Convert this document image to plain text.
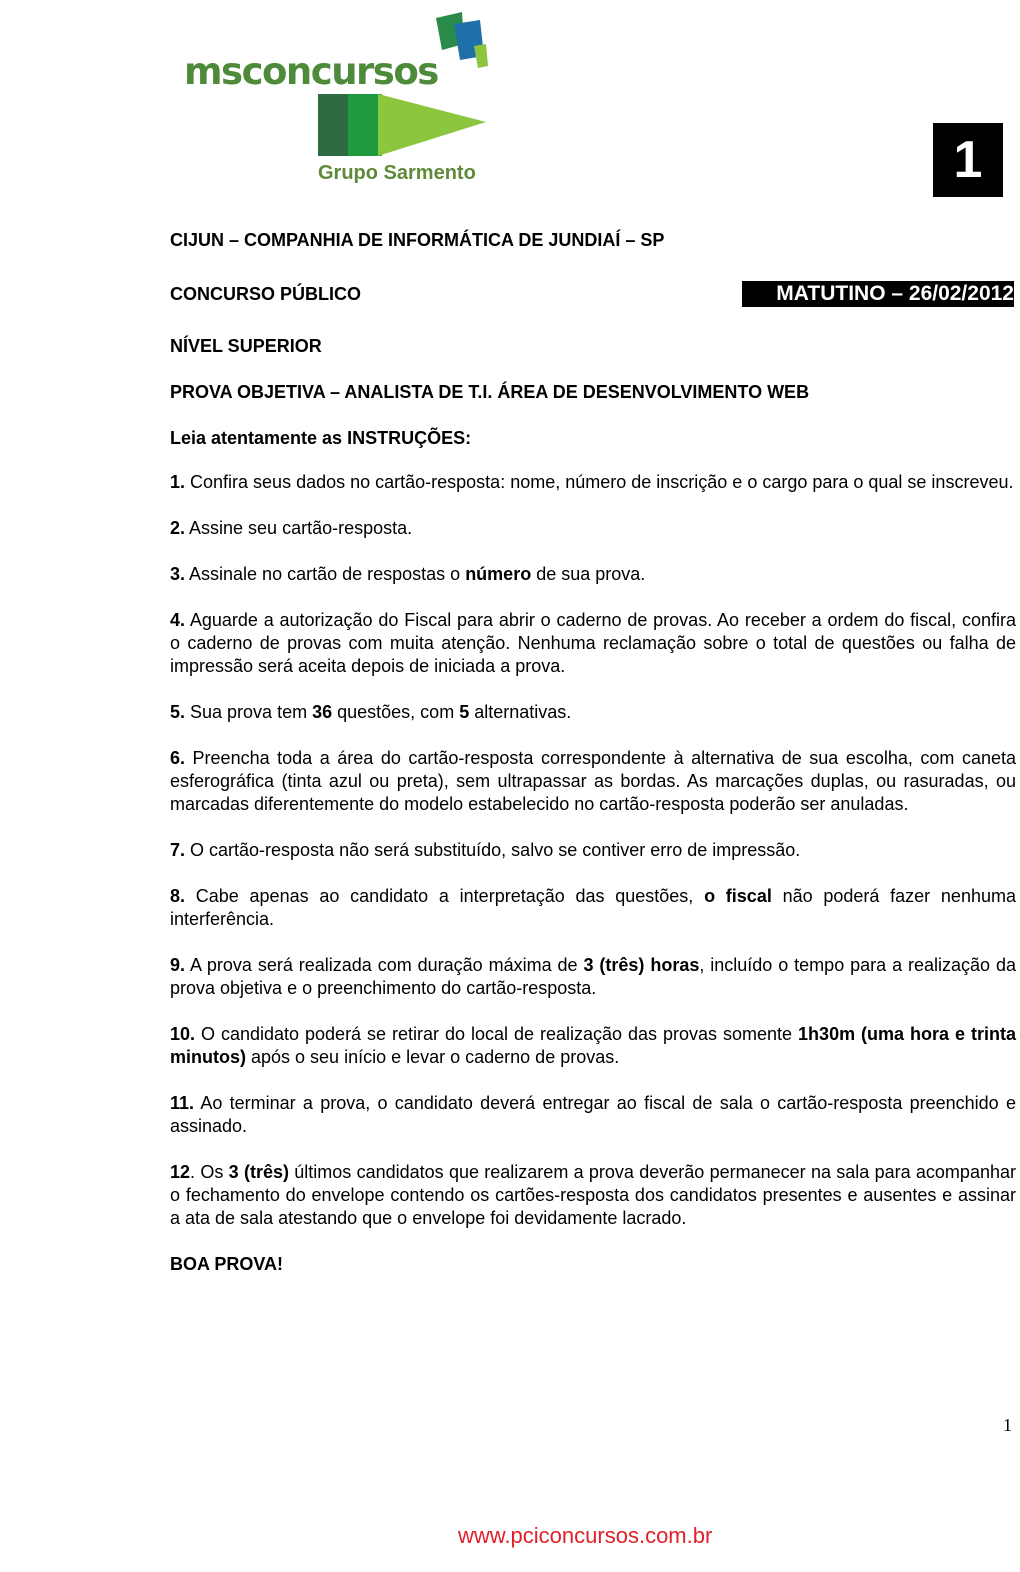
msconcursos
Grupo Sarmento	1
CIJUN – COMPANHIA DE INFORMÁTICA DE JUNDIAÍ – SP
CONCURSO PÚBLICO	MATUTINO – 26/02/2012
NÍVEL SUPERIOR
PROVA OBJETIVA – ANALISTA DE T.I. ÁREA DE DESENVOLVIMENTO WEB
Leia atentamente as INSTRUÇÕES:

1. Confira seus dados no cartão-resposta: nome, número de inscrição e o cargo para o qual se inscreveu.

2. Assine seu cartão-resposta.

3. Assinale no cartão de respostas o número de sua prova.

4. Aguarde a autorização do Fiscal para abrir o caderno de provas. Ao receber a ordem do fiscal, confira o caderno de provas com muita atenção. Nenhuma reclamação sobre o total de questões ou falha de impressão será aceita depois de iniciada a prova.

5. Sua prova tem 36 questões, com 5 alternativas.

6. Preencha toda a área do cartão-resposta correspondente à alternativa de sua escolha, com caneta esferográfica (tinta azul ou preta), sem ultrapassar as bordas. As marcações duplas, ou rasuradas, ou marcadas diferentemente do modelo estabelecido no cartão-resposta poderão ser anuladas.

7. O cartão-resposta não será substituído, salvo se contiver erro de impressão.

8. Cabe apenas ao candidato a interpretação das questões, o fiscal não poderá fazer nenhuma interferência.

9. A prova será realizada com duração máxima de 3 (três) horas, incluído o tempo para a realização da prova objetiva e o preenchimento do cartão-resposta.

10. O candidato poderá se retirar do local de realização das provas somente 1h30m (uma hora e trinta minutos) após o seu início e levar o caderno de provas.

11. Ao terminar a prova, o candidato deverá entregar ao fiscal de sala o cartão-resposta preenchido e assinado.

12. Os 3 (três) últimos candidatos que realizarem a prova deverão permanecer na sala para acompanhar o fechamento do envelope contendo os cartões-resposta dos candidatos presentes e ausentes e assinar a ata de sala atestando que o envelope foi devidamente lacrado.

BOA PROVA!

1
www.pciconcursos.com.br
